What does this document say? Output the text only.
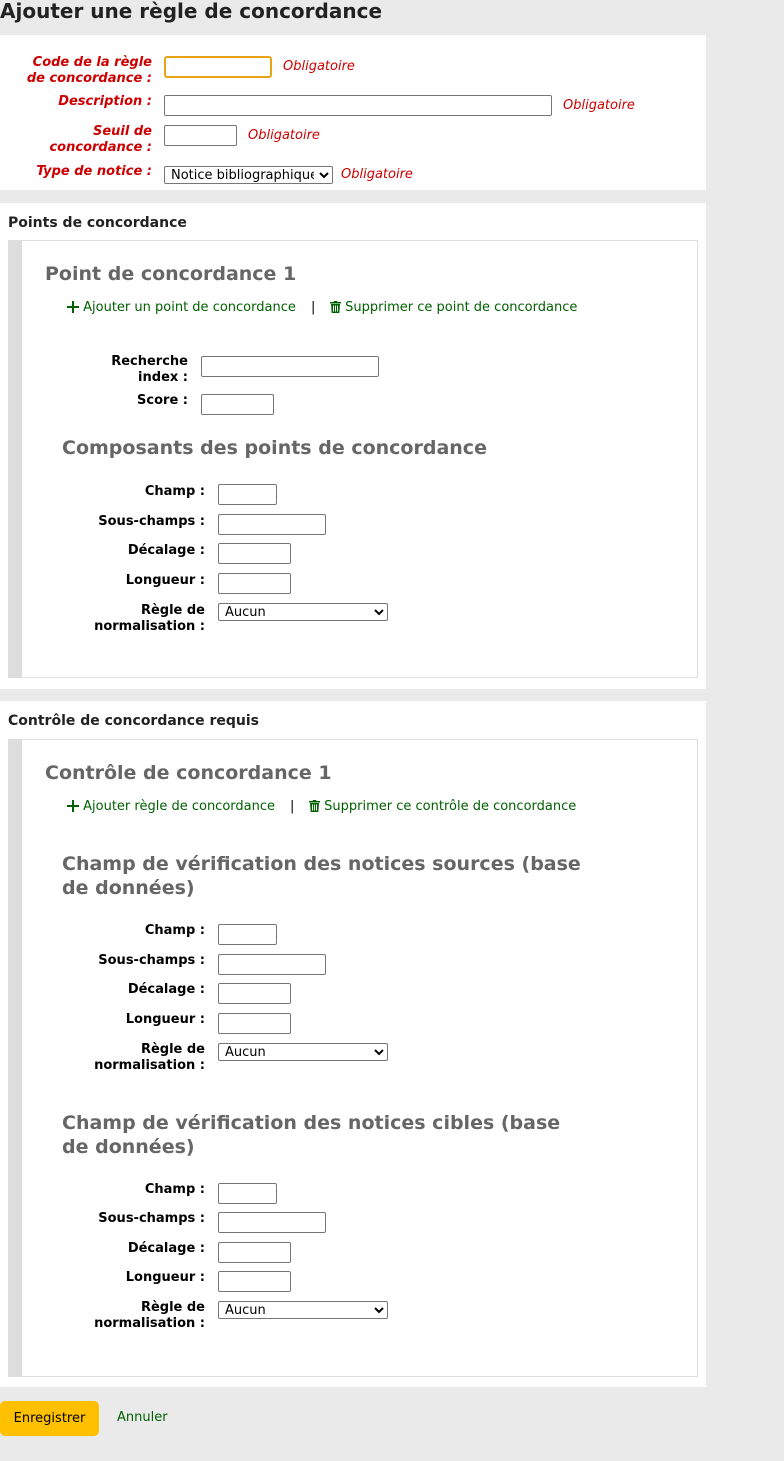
Ajouter une règle de concordance
Code de la règle de concordance :
Obligatoire
Description :	Obligatoire
Seuil de concordance :
Obligatoire
Type de notice :
Notice bibliographique	Obligatoire
Points de concordance
Point de concordance 1
Ajouter un point de concordance |	Supprimer ce point de concordance
Recherche index :
Score :
Composants des points de concordance
Champ :
Sous-champs :
Décalage :
Longueur :
Règle de normalisation :
Aucun
Contrôle de concordance requis
Contrôle de concordance 1
Ajouter règle de concordance |	Supprimer ce contrôle de concordance
Champ de vérification des notices sources (base de données)
Champ :
Sous-champs :
Décalage :
Longueur :
Règle de normalisation :
Aucun
Champ de vérification des notices cibles (base de données)
Champ :
Sous-champs :
Décalage :
Longueur :
Règle de normalisation :
Aucun
Enregistrer	Annuler
